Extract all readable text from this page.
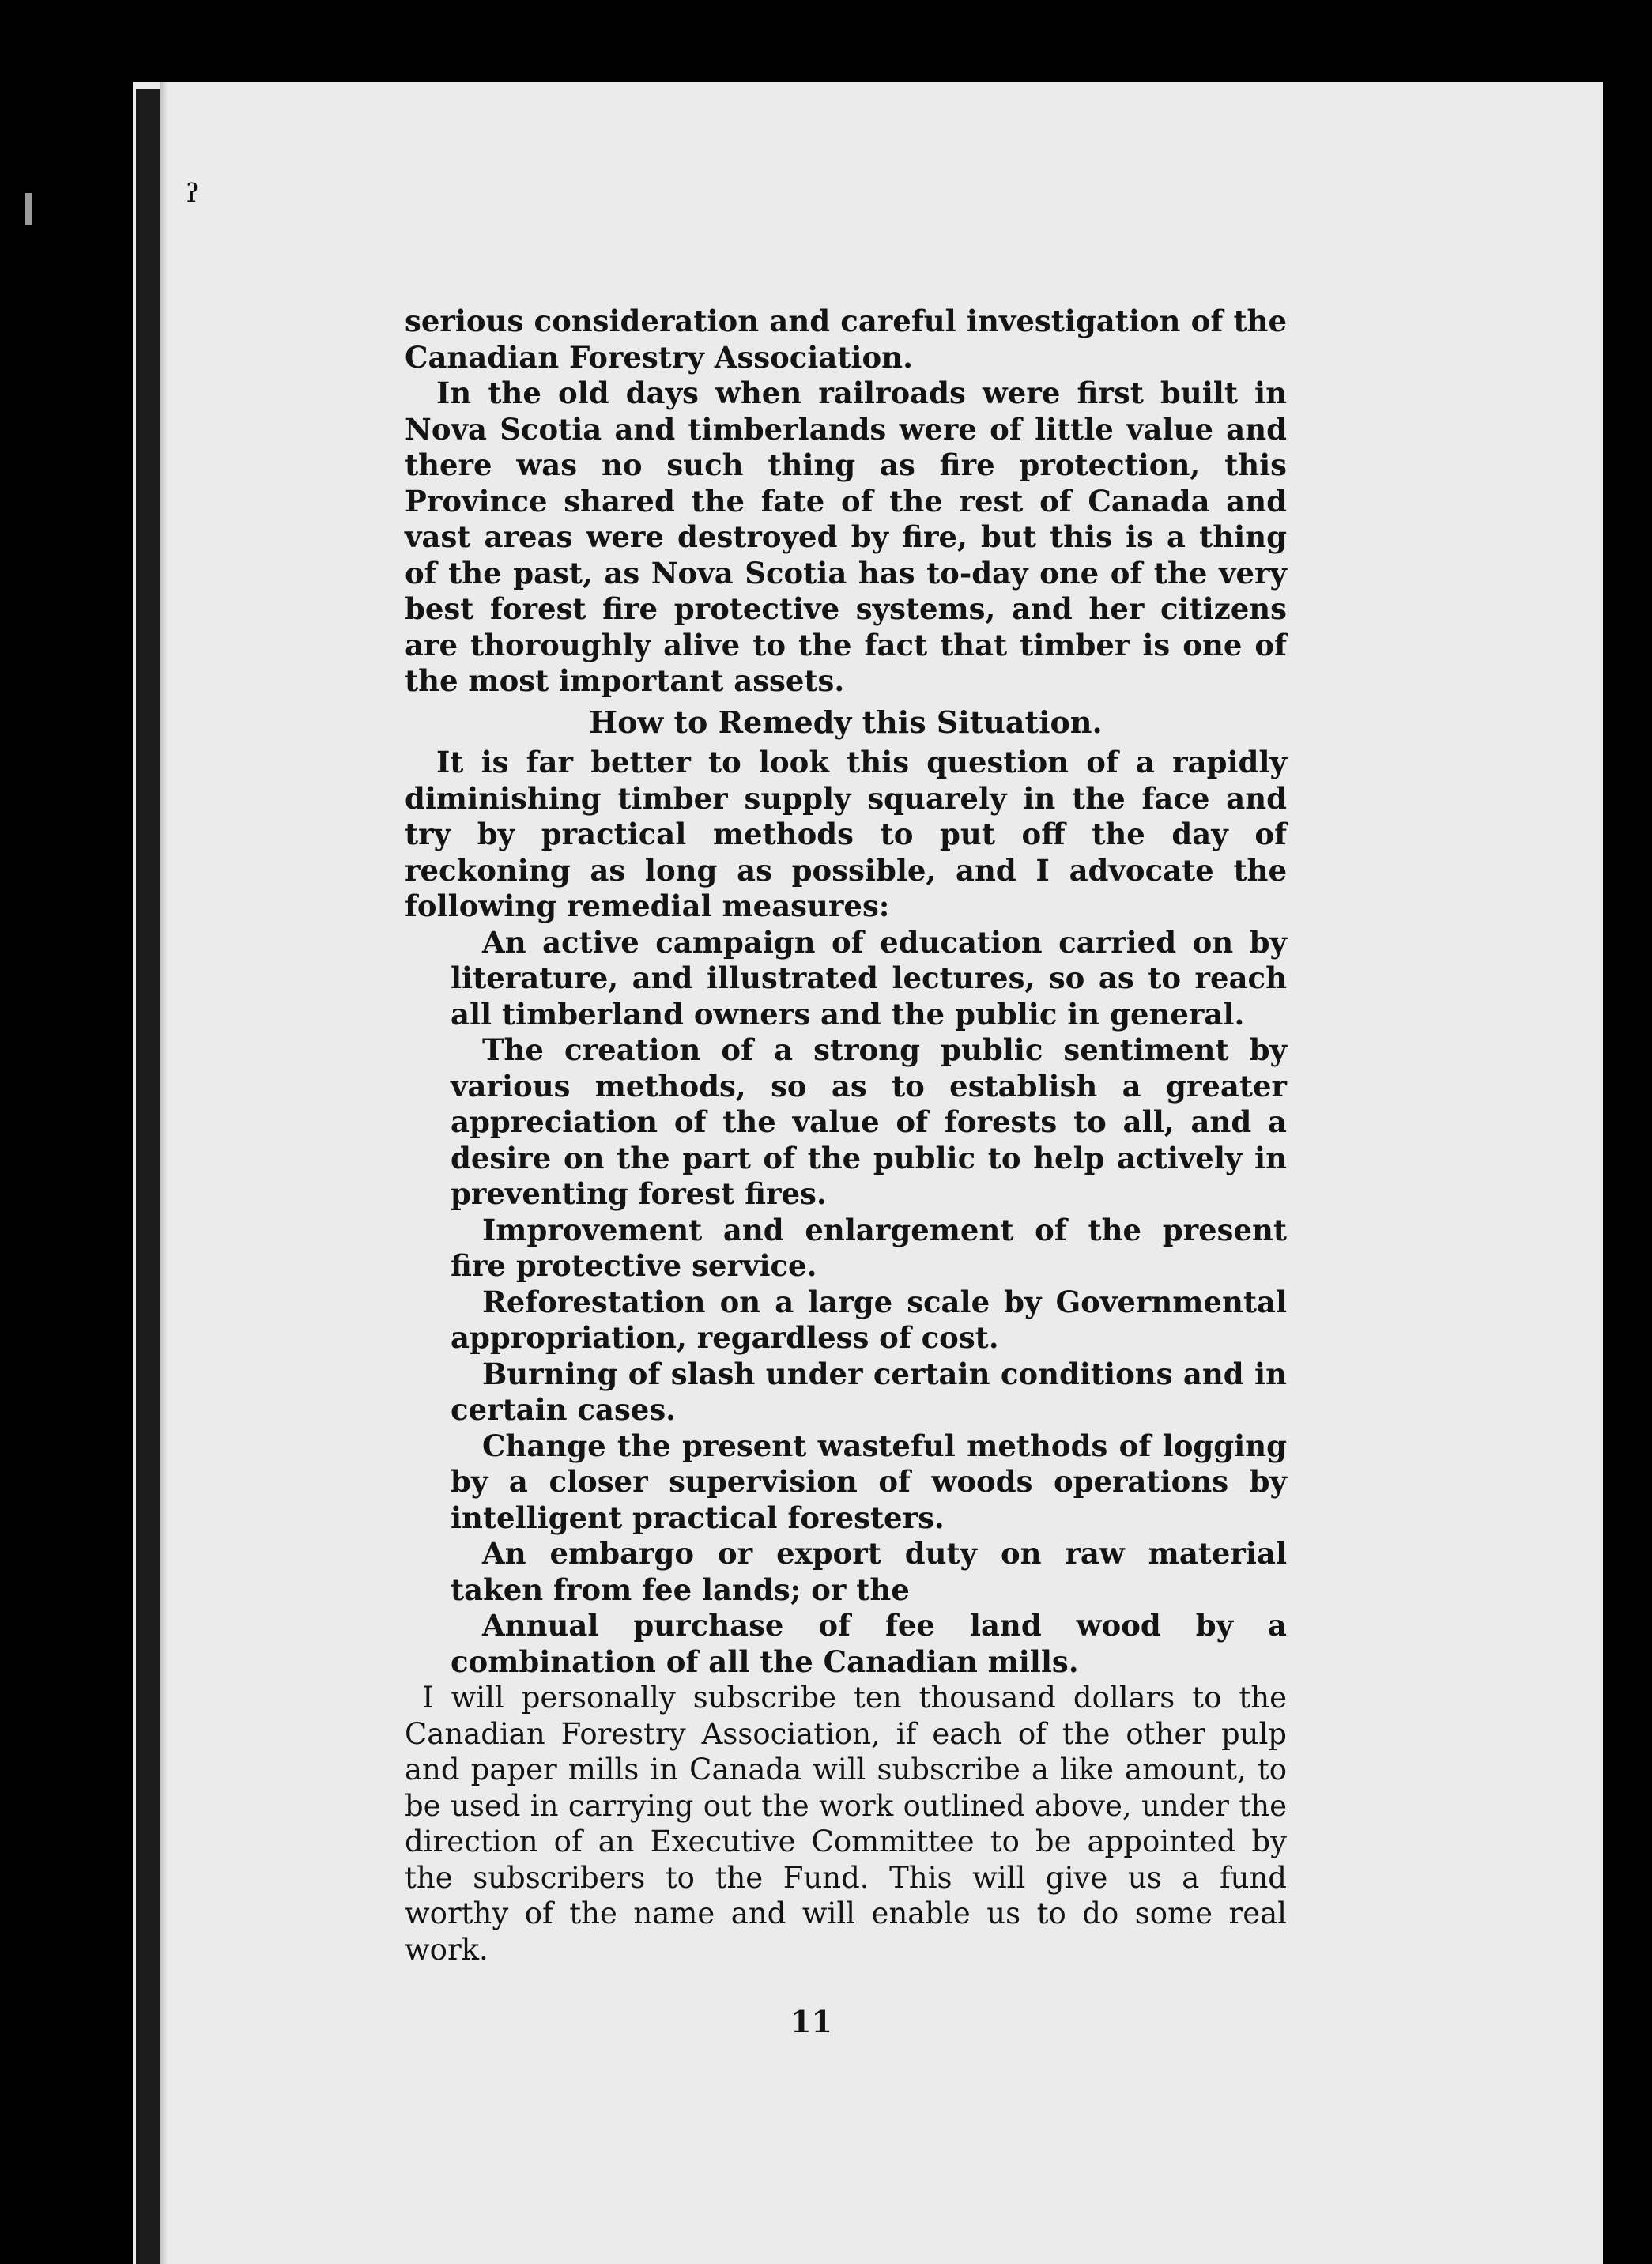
ˀ

serious consideration and careful investigation of the Canadian Forestry Association.

In the old days when railroads were first built in Nova Scotia and timberlands were of little value and there was no such thing as fire protection, this Province shared the fate of the rest of Canada and vast areas were destroyed by fire, but this is a thing of the past, as Nova Scotia has to-day one of the very best forest fire protective systems, and her citizens are thoroughly alive to the fact that timber is one of the most important assets.

How to Remedy this Situation.

It is far better to look this question of a rapidly diminishing timber supply squarely in the face and try by practical methods to put off the day of reckoning as long as possible, and I advocate the following remedial measures:

An active campaign of education carried on by literature, and illustrated lectures, so as to reach all timberland owners and the public in general.

The creation of a strong public sentiment by various methods, so as to establish a greater appreciation of the value of forests to all, and a desire on the part of the public to help actively in preventing forest fires.

Improvement and enlargement of the present fire protective service.

Reforestation on a large scale by Governmental appropriation, regardless of cost.

Burning of slash under certain conditions and in certain cases.

Change the present wasteful methods of logging by a closer supervision of woods operations by intelligent practical foresters.

An embargo or export duty on raw material taken from fee lands; or the

Annual purchase of fee land wood by a combination of all the Canadian mills.

I will personally subscribe ten thousand dollars to the Canadian Forestry Association, if each of the other pulp and paper mills in Canada will subscribe a like amount, to be used in carrying out the work outlined above, under the direction of an Executive Committee to be appointed by the subscribers to the Fund. This will give us a fund worthy of the name and will enable us to do some real work.

11
